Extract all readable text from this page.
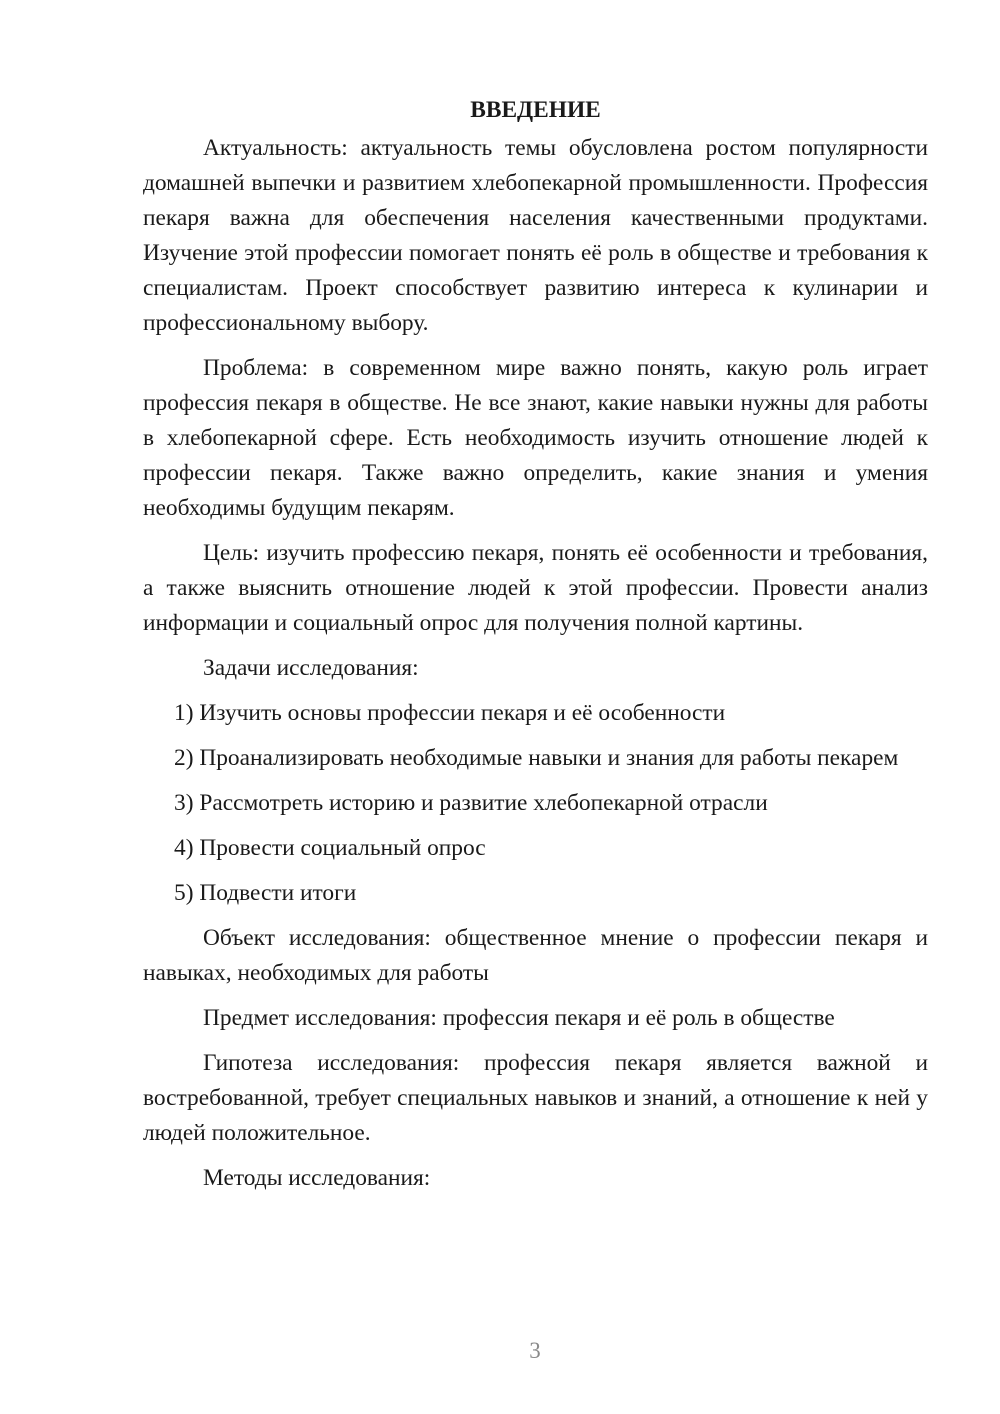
ВВЕДЕНИЕ

Актуальность: актуальность темы обусловлена ростом популярности домашней выпечки и развитием хлебопекарной промышленности. Профессия пекаря важна для обеспечения населения качественными продуктами. Изучение этой профессии помогает понять её роль в обществе и требования к специалистам. Проект способствует развитию интереса к кулинарии и профессиональному выбору.

Проблема: в современном мире важно понять, какую роль играет профессия пекаря в обществе. Не все знают, какие навыки нужны для работы в хлебопекарной сфере. Есть необходимость изучить отношение людей к профессии пекаря. Также важно определить, какие знания и умения необходимы будущим пекарям.

Цель: изучить профессию пекаря, понять её особенности и требования, а также выяснить отношение людей к этой профессии. Провести анализ информации и социальный опрос для получения полной картины.

Задачи исследования:

1) Изучить основы профессии пекаря и её особенности

2) Проанализировать необходимые навыки и знания для работы пекарем

3) Рассмотреть историю и развитие хлебопекарной отрасли

4) Провести социальный опрос

5) Подвести итоги

Объект исследования: общественное мнение о профессии пекаря и навыках, необходимых для работы

Предмет исследования: профессия пекаря и её роль в обществе

Гипотеза исследования: профессия пекаря является важной и востребованной, требует специальных навыков и знаний, а отношение к ней у людей положительное.

Методы исследования:

3
